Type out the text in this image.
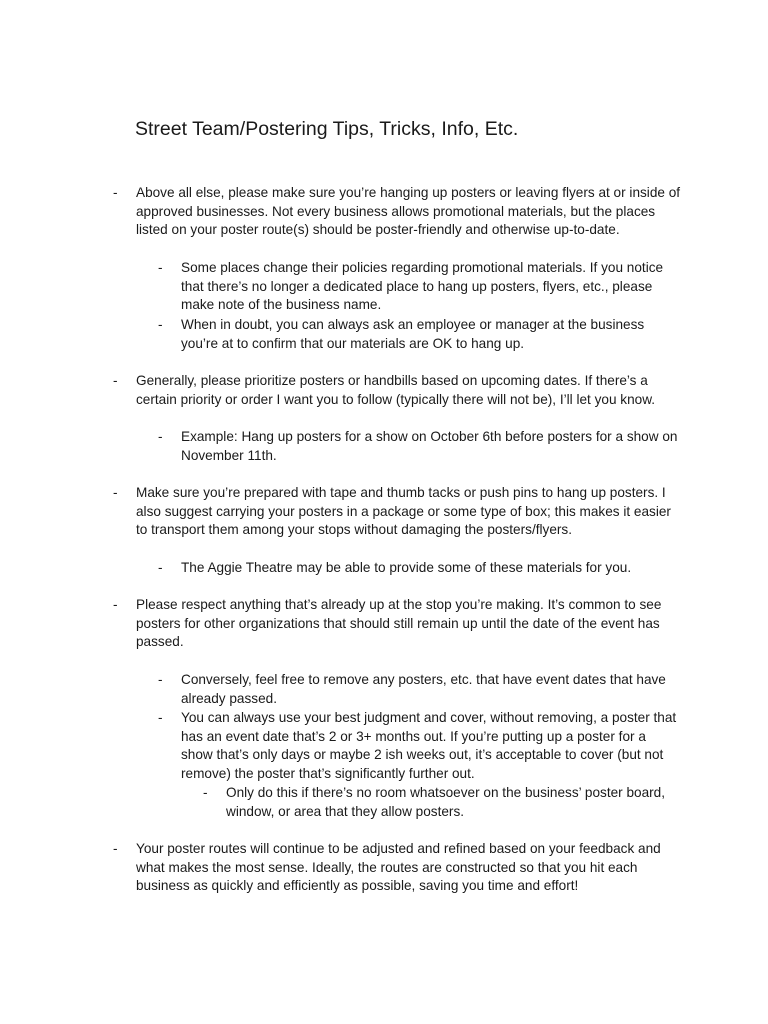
Street Team/Postering Tips, Tricks, Info, Etc.
- Above all else, please make sure you’re hanging up posters or leaving flyers at or inside of approved businesses. Not every business allows promotional materials, but the places listed on your poster route(s) should be poster-friendly and otherwise up-to-date.
- Some places change their policies regarding promotional materials. If you notice that there’s no longer a dedicated place to hang up posters, flyers, etc., please make note of the business name.
- When in doubt, you can always ask an employee or manager at the business you’re at to confirm that our materials are OK to hang up.
- Generally, please prioritize posters or handbills based on upcoming dates. If there’s a certain priority or order I want you to follow (typically there will not be), I’ll let you know.
- Example: Hang up posters for a show on October 6th before posters for a show on November 11th.
- Make sure you’re prepared with tape and thumb tacks or push pins to hang up posters. I also suggest carrying your posters in a package or some type of box; this makes it easier to transport them among your stops without damaging the posters/flyers.
- The Aggie Theatre may be able to provide some of these materials for you.
- Please respect anything that’s already up at the stop you’re making. It’s common to see posters for other organizations that should still remain up until the date of the event has passed.
- Conversely, feel free to remove any posters, etc. that have event dates that have already passed.
- You can always use your best judgment and cover, without removing, a poster that has an event date that’s 2 or 3+ months out. If you’re putting up a poster for a show that’s only days or maybe 2 ish weeks out, it’s acceptable to cover (but not remove) the poster that’s significantly further out.
- Only do this if there’s no room whatsoever on the business’ poster board, window, or area that they allow posters.
- Your poster routes will continue to be adjusted and refined based on your feedback and what makes the most sense. Ideally, the routes are constructed so that you hit each business as quickly and efficiently as possible, saving you time and effort!
